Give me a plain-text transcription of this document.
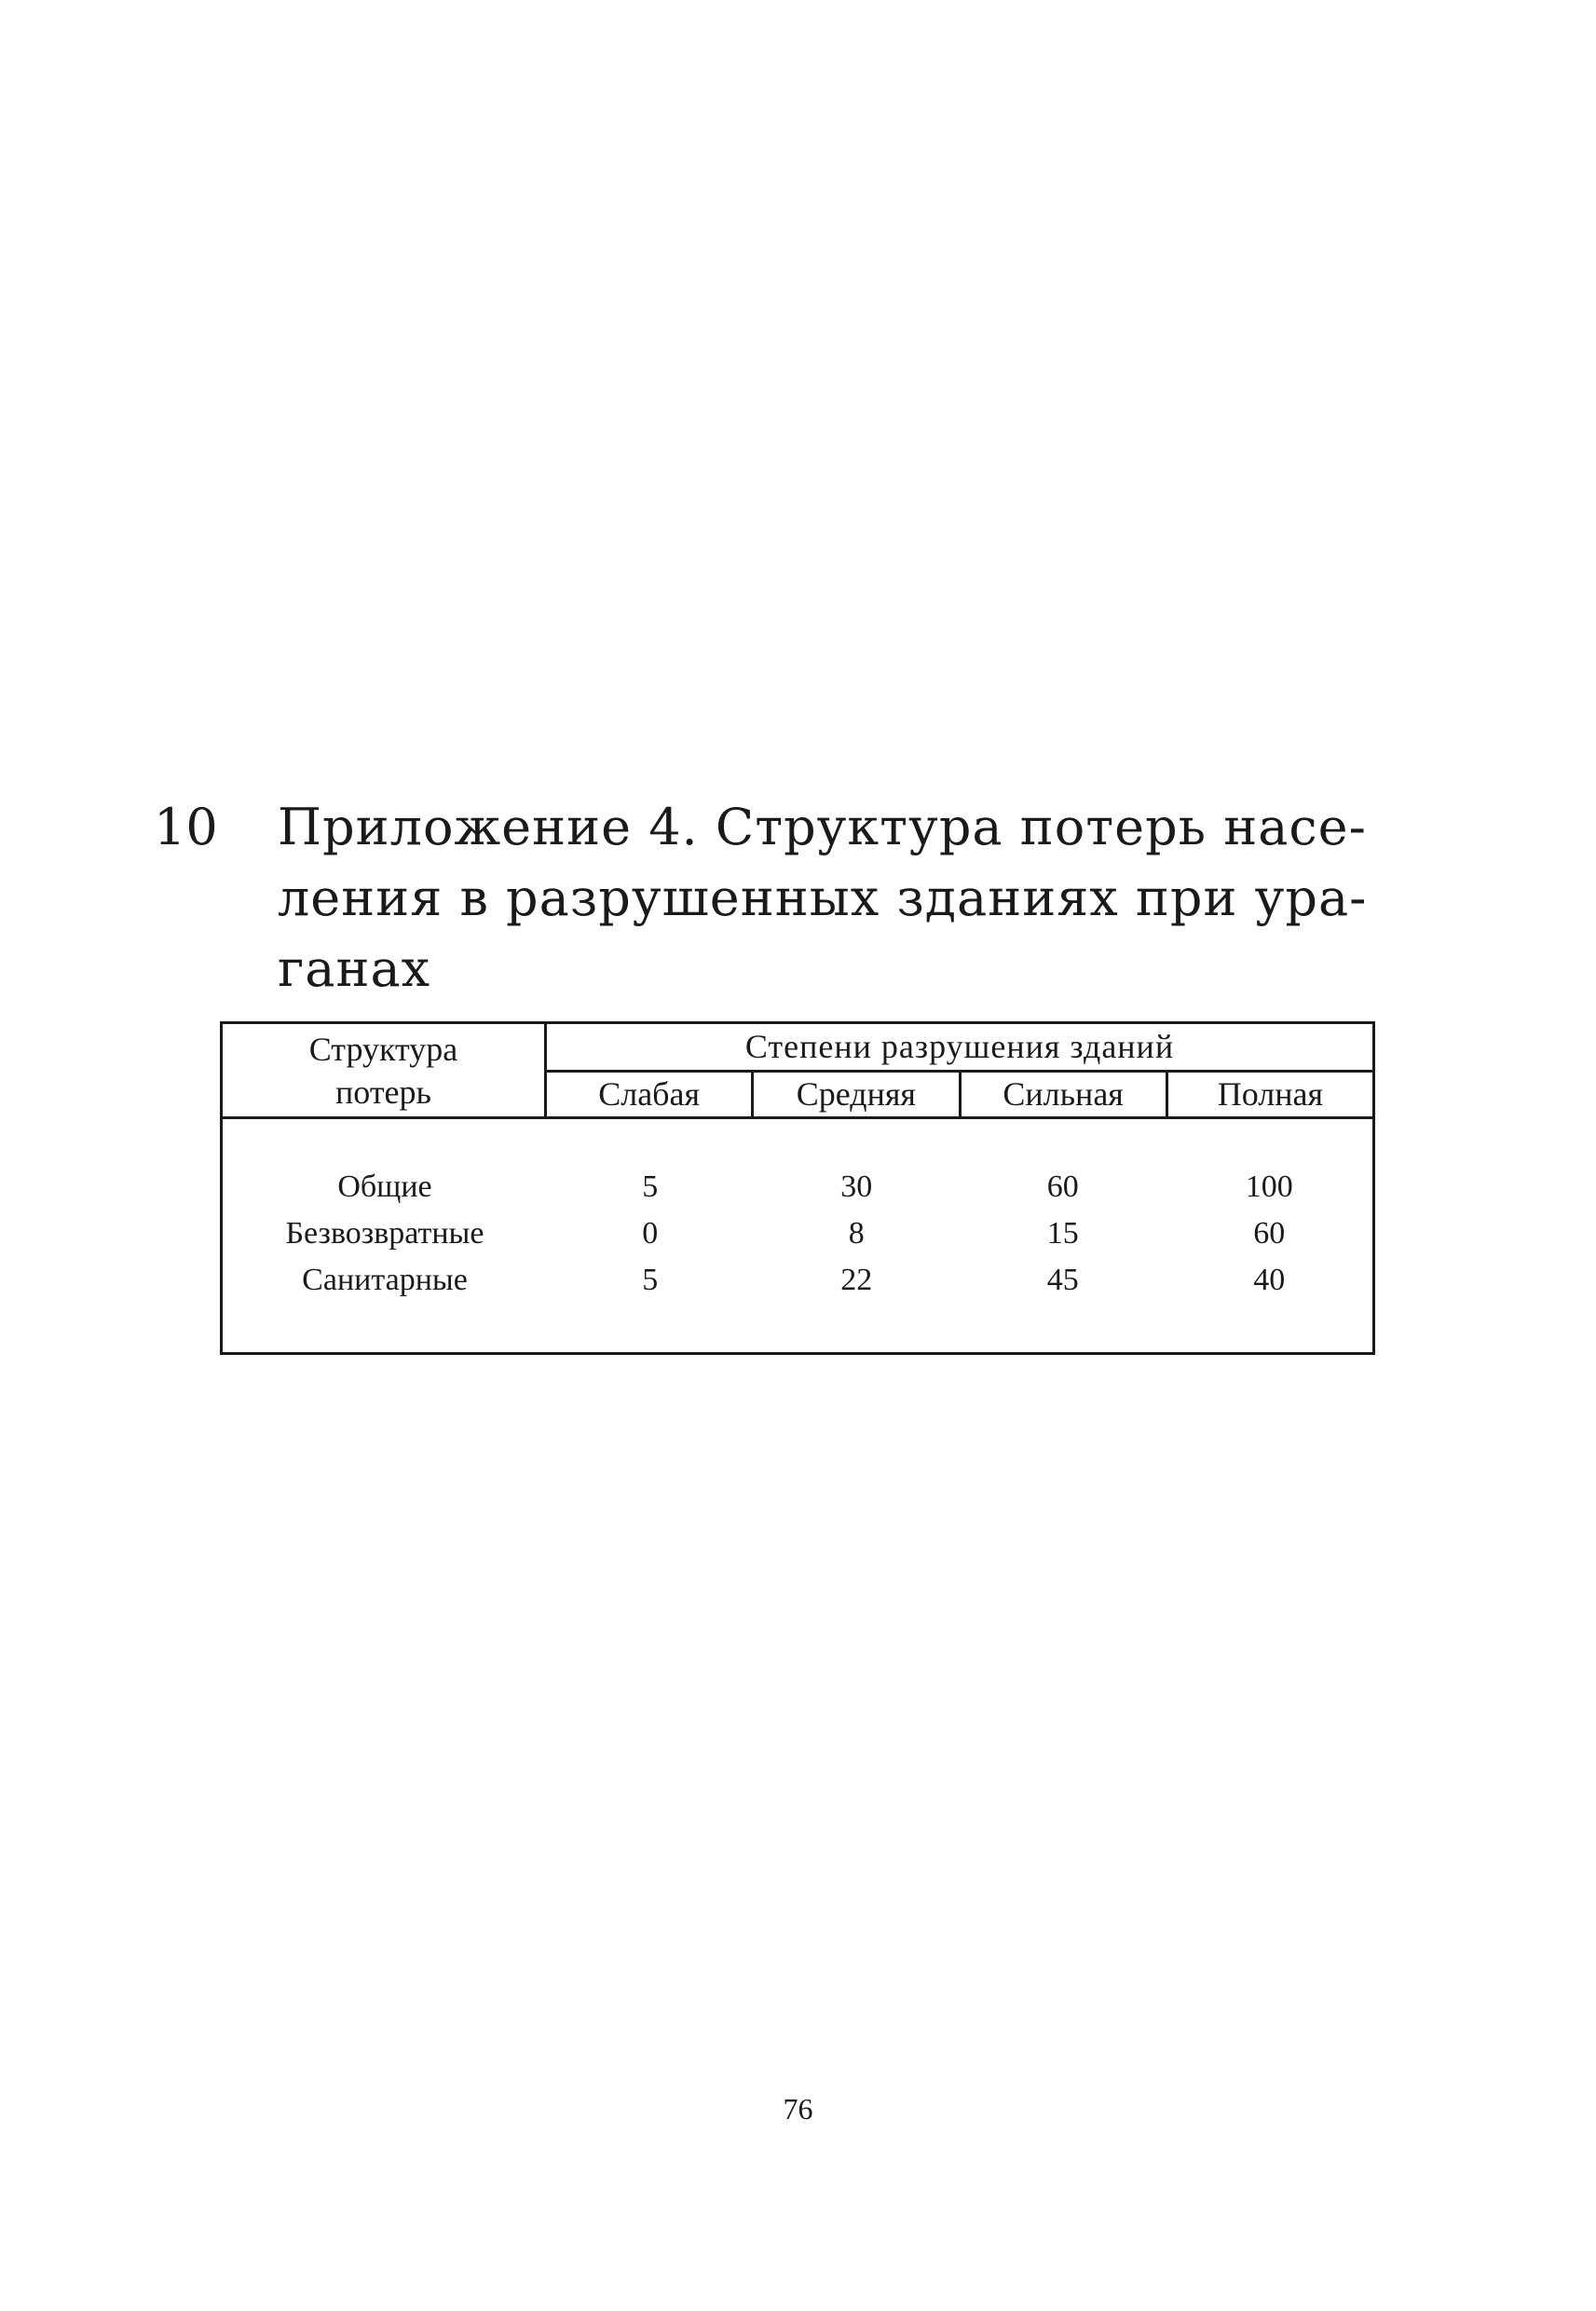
10 Приложение 4. Структура потерь насе-
ления в разрушенных зданиях при ура-
ганах
Структура
потерь
Степени разрушения зданий
Слабая	Средняя	Сильная	Полная
Общие	5	30	60	100
Безвозвратные	0	8	15	60
Санитарные	5	22	45	40
76
